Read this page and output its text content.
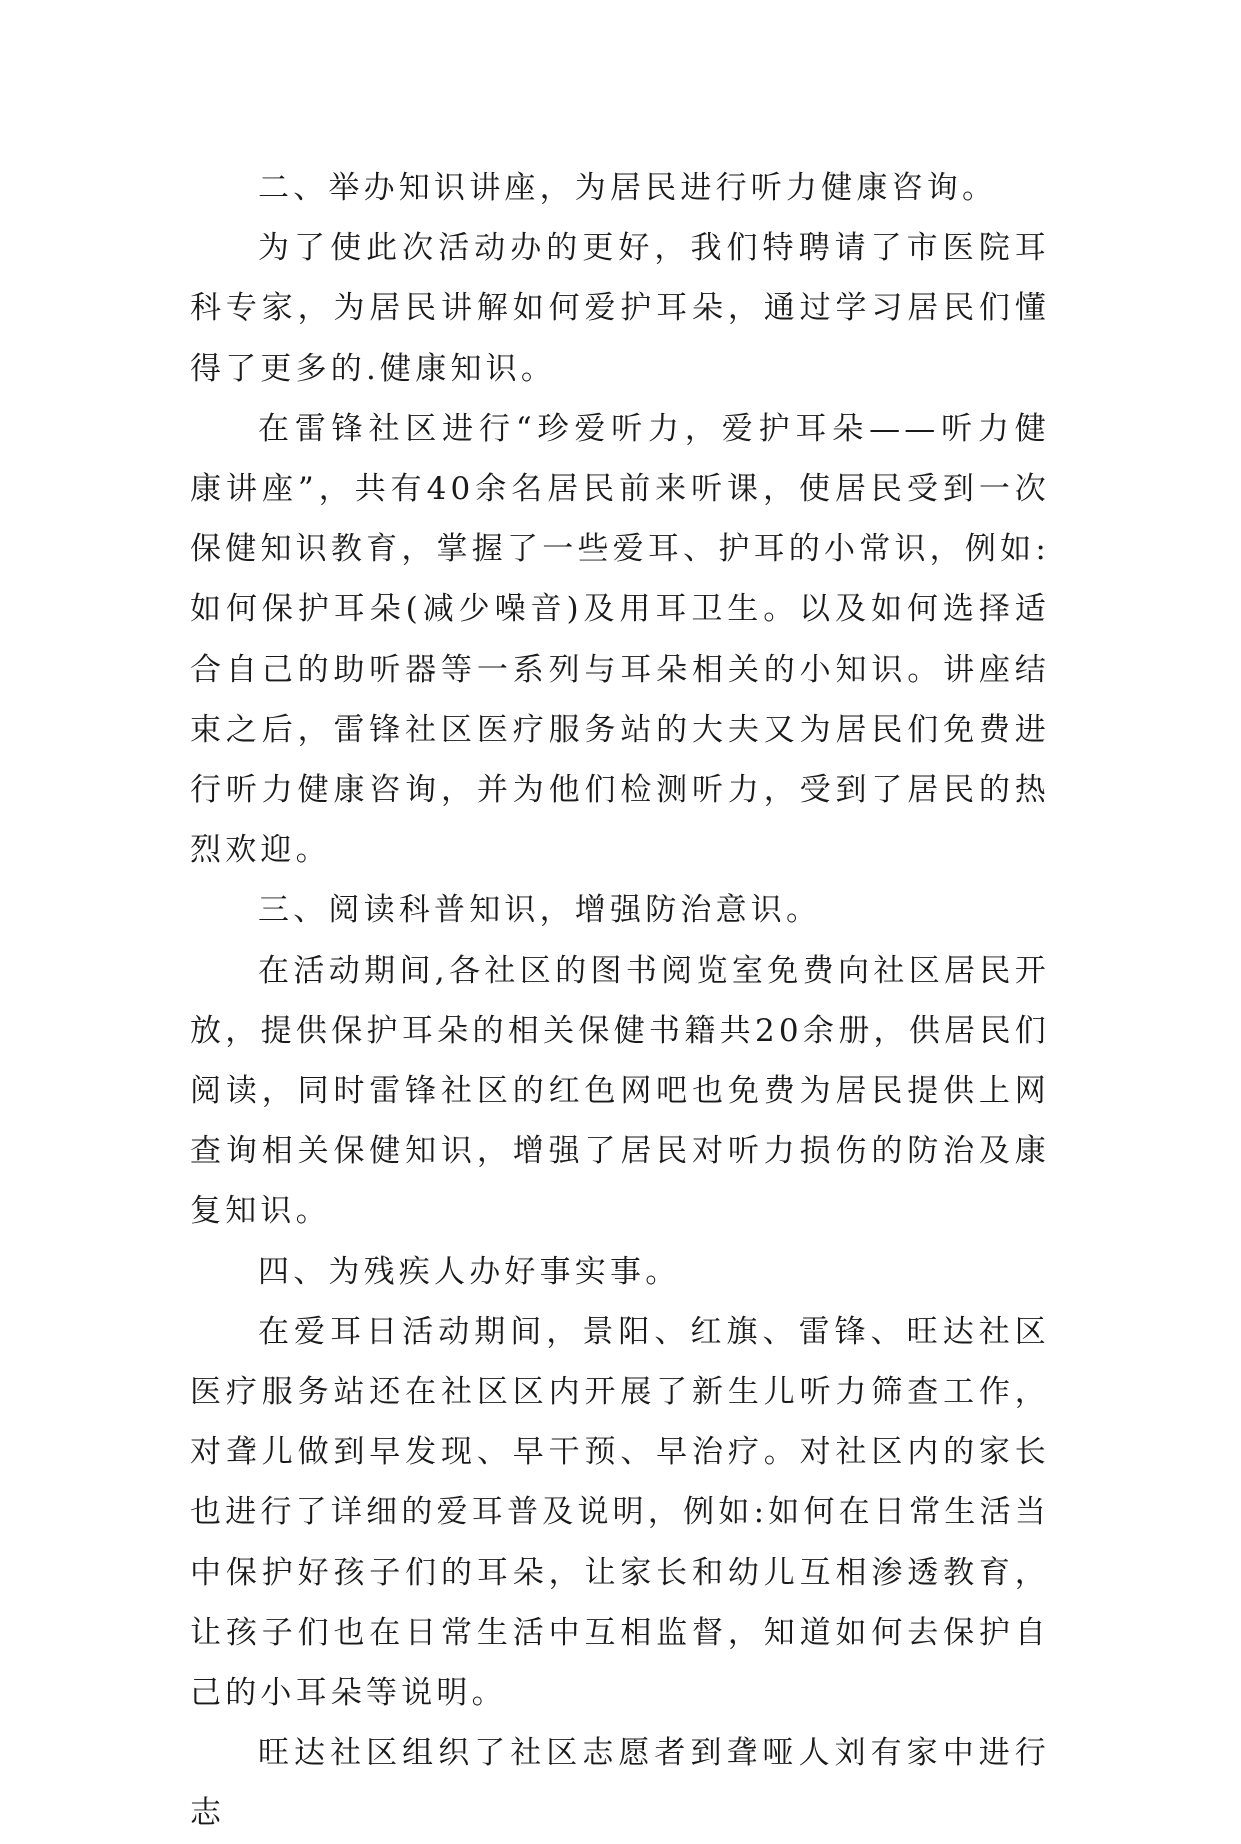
二、举办知识讲座，为居民进行听力健康咨询。

为了使此次活动办的更好，我们特聘请了市医院耳科专家，为居民讲解如何爱护耳朵，通过学习居民们懂得了更多的.健康知识。

在雷锋社区进行“珍爱听力，爱护耳朵——听力健康讲座”，共有40余名居民前来听课，使居民受到一次保健知识教育，掌握了一些爱耳、护耳的小常识，例如:如何保护耳朵(减少噪音)及用耳卫生。以及如何选择适合自己的助听器等一系列与耳朵相关的小知识。讲座结束之后，雷锋社区医疗服务站的大夫又为居民们免费进行听力健康咨询，并为他们检测听力，受到了居民的热烈欢迎。

三、阅读科普知识，增强防治意识。

在活动期间,各社区的图书阅览室免费向社区居民开放，提供保护耳朵的相关保健书籍共20余册，供居民们阅读，同时雷锋社区的红色网吧也免费为居民提供上网查询相关保健知识，增强了居民对听力损伤的防治及康复知识。

四、为残疾人办好事实事。

在爱耳日活动期间，景阳、红旗、雷锋、旺达社区医疗服务站还在社区区内开展了新生儿听力筛查工作，对聋儿做到早发现、早干预、早治疗。对社区内的家长也进行了详细的爱耳普及说明，例如:如何在日常生活当中保护好孩子们的耳朵，让家长和幼儿互相渗透教育，让孩子们也在日常生活中互相监督，知道如何去保护自己的小耳朵等说明。

旺达社区组织了社区志愿者到聋哑人刘有家中进行志
